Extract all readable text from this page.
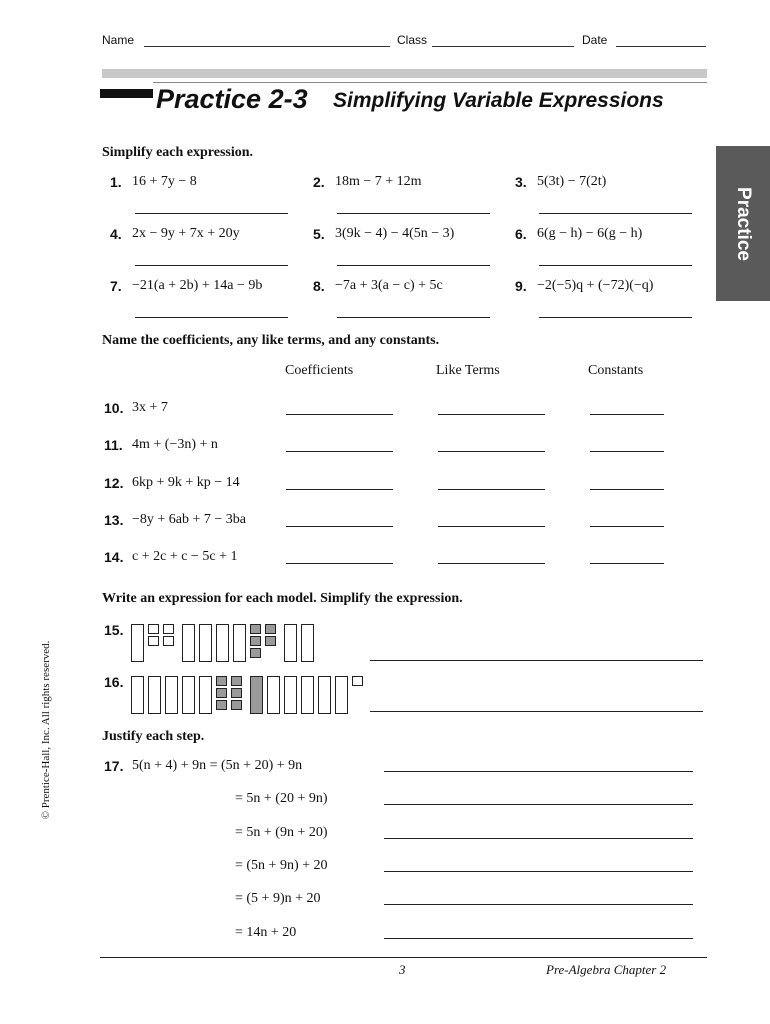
Name	Class	Date
Practice 2-3 Simplifying Variable Expressions
Practice
© Prentice-Hall, Inc. All rights reserved.
Simplify each expression.
1. 16 + 7y − 8	2. 18m − 7 + 12m	3. 5(3t) − 7(2t)
4. 2x − 9y + 7x + 20y	5. 3(9k − 4) − 4(5n − 3)	6. 6(g − h) − 6(g − h)
7. −21(a + 2b) + 14a − 9b	8. −7a + 3(a − c) + 5c	9. −2(−5)q + (−72)(−q)
Name the coefficients, any like terms, and any constants.
Coefficients	Like Terms	Constants
10. 3x + 7
11. 4m + (−3n) + n
12. 6kp + 9k + kp − 14
13. −8y + 6ab + 7 − 3ba
14. c + 2c + c − 5c + 1
Write an expression for each model. Simplify the expression.
15.
16.
Justify each step.
17. 5(n + 4) + 9n = (5n + 20) + 9n
= 5n + (20 + 9n)
= 5n + (9n + 20)
= (5n + 9n) + 20
= (5 + 9)n + 20
= 14n + 20
3	Pre-Algebra Chapter 2
